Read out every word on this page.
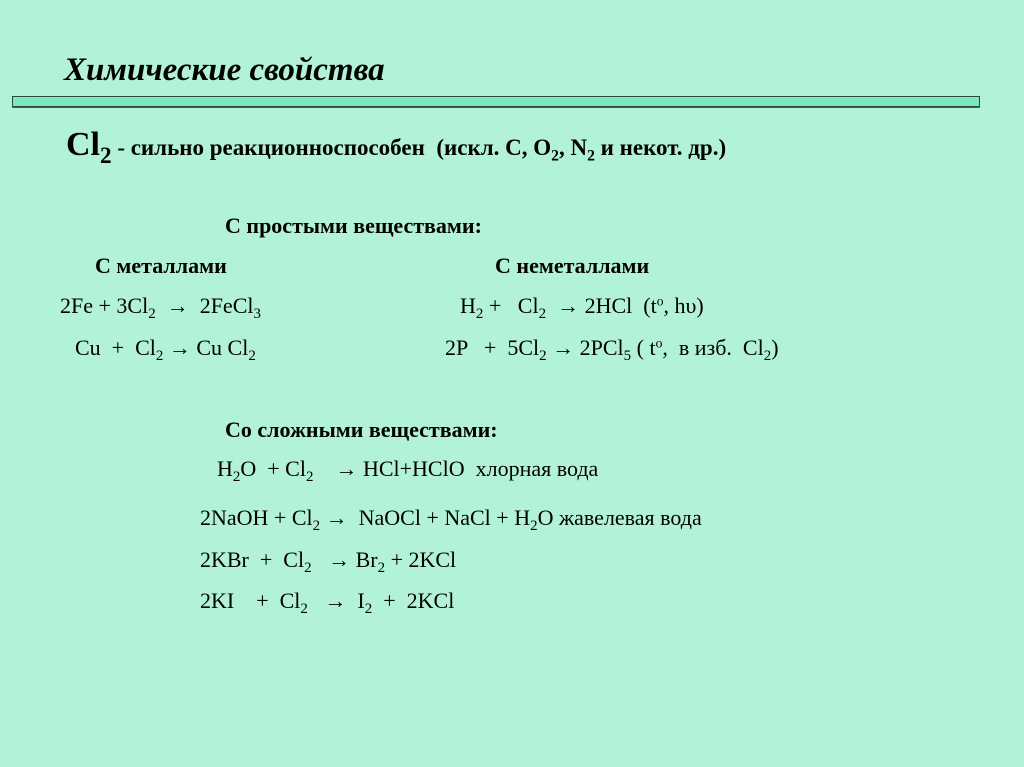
Химические свойства
$Cl_2$ - сильно реакционноспособен  (искл. С, $О_2$, $N_2$ и некот. др.)
С простыми веществами:
С металлами	С неметаллами
$2Fe + 3Cl_2$  →  2FeCl$_3$
$Cu + Cl_2 \to Cu$ $Cl_2$
$H_2 + Cl_2 \to 2HCl$  ($t^o$, hυ)
$2P + 5Cl_2 \to 2PCl_5$ ( $t^o$,  в изб.  $Cl_2$)
Со сложными веществами:
$H_2O + Cl_2$    → HCl+HClO  хлорная вода
2NaOH + $Cl_2$ →  NaOCl + NaCl + $H_2O$ жавелевая вода
$2KBr + Cl_2 \to Br_2 + 2KCl$
2KI    +  $Cl_2 \to I_2 + 2KCl$
